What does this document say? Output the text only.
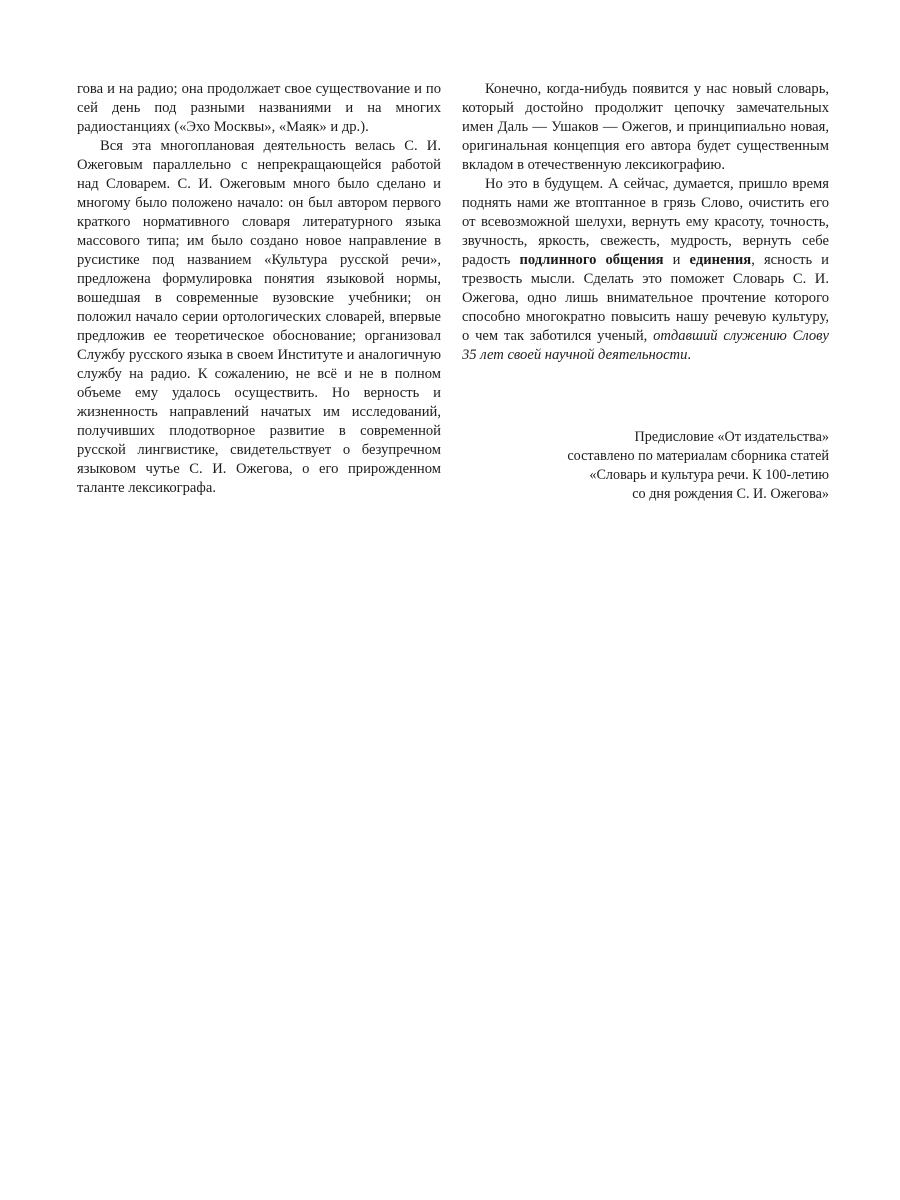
гова и на радио; она продолжает свое существоvание и по сей день под разными названиями и на многих радиостанциях («Эхо Москвы», «Маяк» и др.).

Вся эта многоплановая деятельность велась С. И. Ожеговым параллельно с непрекращающейся работой над Словарем. С. И. Ожеговым много было сделано и многому было положено начало: он был автором первого краткого нормативного словаря литературного языка массового типа; им было создано новое направление в русистике под названием «Культура русской речи», предложена формулировка понятия языковой нормы, вошедшая в современные вузовские учебники; он положил начало серии ортологических словарей, впервые предложив ее теоретическое обоснование; организовал Службу русского языка в своем Институте и аналогичную службу на радио. К сожалению, не всё и не в полном объеме ему удалось осуществить. Но верность и жизненность направлений начатых им исследований, получивших плодотворное развитие в современной русской лингвистике, свидетельствует о безупречном языковом чутье С. И. Ожегова, о его прирожденном таланте лексикографа.

Конечно, когда-нибудь появится у нас новый словарь, который достойно продолжит цепочку замечательных имен Даль — Ушаков — Ожегов, и принципиально новая, оригинальная концепция его автора будет существенным вкладом в отечественную лексикографию.

Но это в будущем. А сейчас, думается, пришло время поднять нами же втоптанное в грязь Слово, очистить его от всевозможной шелухи, вернуть ему красоту, точность, звучность, яркость, свежесть, мудрость, вернуть себе радость подлинного общения и единения, ясность и трезвость мысли. Сделать это поможет Словарь С. И. Ожегова, одно лишь внимательное прочтение которого способно многократно повысить нашу речевую культуру, о чем так заботился ученый, отдавший служению Слову 35 лет своей научной деятельности.

Предисловие «От издательства»
составлено по материалам сборника статей
«Словарь и культура речи. К 100-летию
со дня рождения С. И. Ожегова»
